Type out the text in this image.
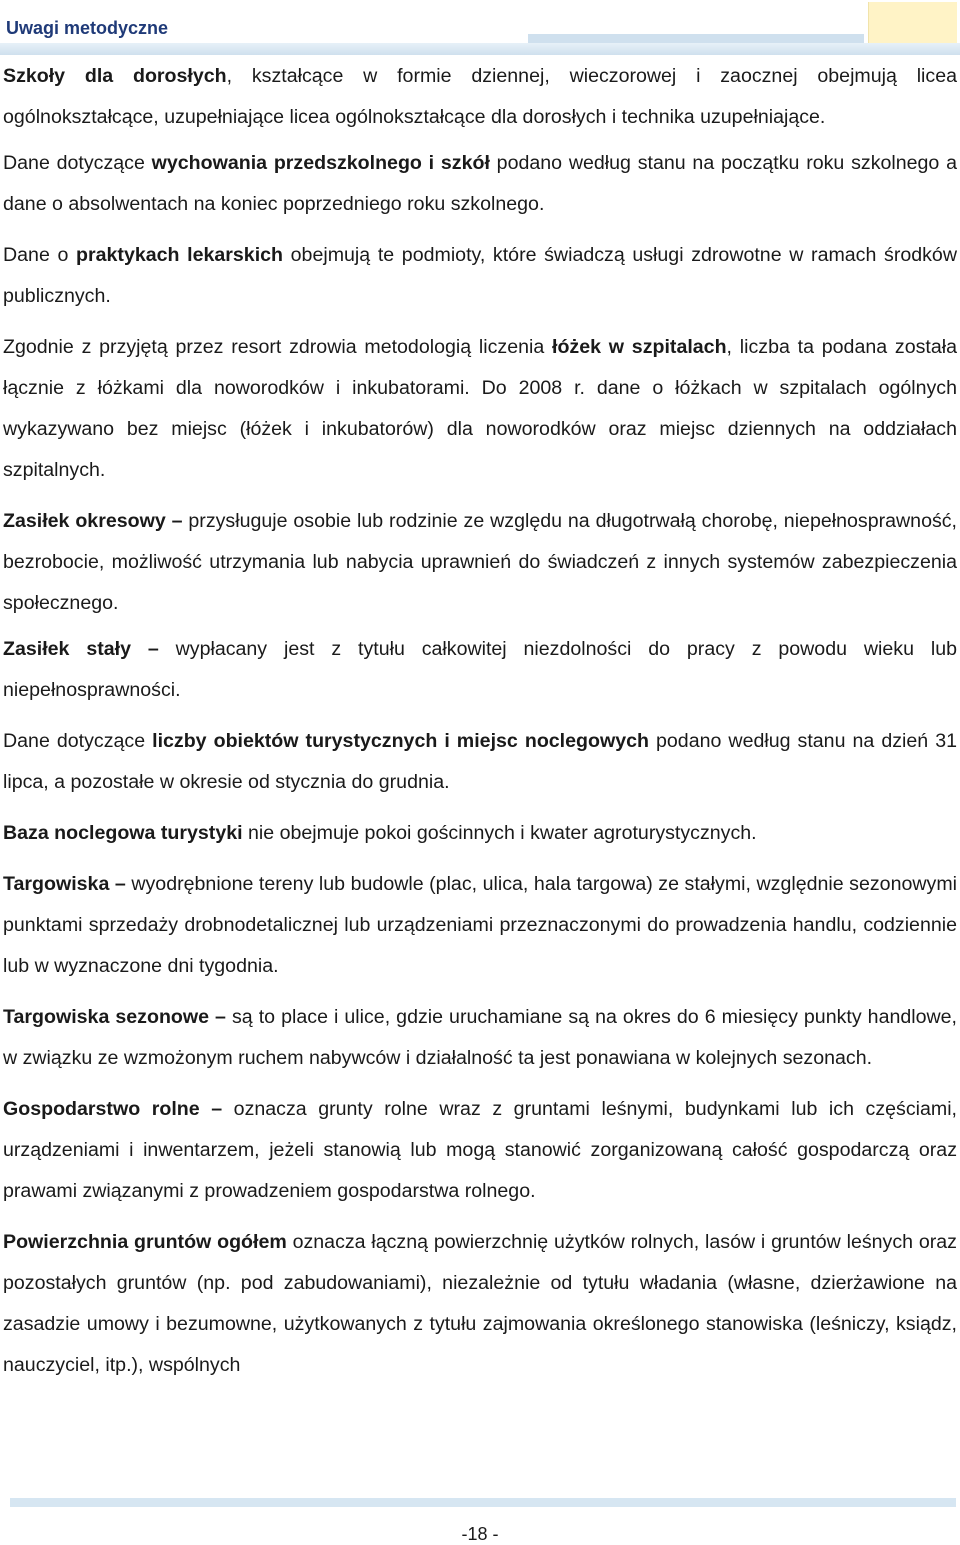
Uwagi metodyczne

Szkoły dla dorosłych, kształcące w formie dziennej, wieczorowej i zaocznej obejmują licea ogólnokształcące, uzupełniające licea ogólnokształcące dla dorosłych i technika uzupełniające.

Dane dotyczące wychowania przedszkolnego i szkół podano według stanu na początku roku szkolnego a dane o absolwentach na koniec poprzedniego roku szkolnego.

Dane o praktykach lekarskich obejmują te podmioty, które świadczą usługi zdrowotne w ramach środków publicznych.

Zgodnie z przyjętą przez resort zdrowia metodologią liczenia łóżek w szpitalach, liczba ta podana została łącznie z łóżkami dla noworodków i inkubatorami. Do 2008 r. dane o łóżkach w szpitalach ogólnych wykazywano bez miejsc (łóżek i inkubatorów) dla noworodków oraz miejsc dziennych na oddziałach szpitalnych.

Zasiłek okresowy – przysługuje osobie lub rodzinie ze względu na długotrwałą chorobę, niepełnosprawność, bezrobocie, możliwość utrzymania lub nabycia uprawnień do świadczeń z innych systemów zabezpieczenia społecznego.

Zasiłek stały – wypłacany jest z tytułu całkowitej niezdolności do pracy z powodu wieku lub niepełnosprawności.

Dane dotyczące liczby obiektów turystycznych i miejsc noclegowych podano według stanu na dzień 31 lipca, a pozostałe w okresie od stycznia do grudnia.

Baza noclegowa turystyki nie obejmuje pokoi gościnnych i kwater agroturystycznych.

Targowiska – wyodrębnione tereny lub budowle (plac, ulica, hala targowa) ze stałymi, względnie sezonowymi punktami sprzedaży drobnodetalicznej lub urządzeniami przeznaczonymi do prowadzenia handlu, codziennie lub w wyznaczone dni tygodnia.

Targowiska sezonowe – są to place i ulice, gdzie uruchamiane są na okres do 6 miesięcy punkty handlowe, w związku ze wzmożonym ruchem nabywców i działalność ta jest ponawiana w kolejnych sezonach.

Gospodarstwo rolne – oznacza grunty rolne wraz z gruntami leśnymi, budynkami lub ich częściami, urządzeniami i inwentarzem, jeżeli stanowią lub mogą stanowić zorganizowaną całość gospodarczą oraz prawami związanymi z prowadzeniem gospodarstwa rolnego.

Powierzchnia gruntów ogółem oznacza łączną powierzchnię użytków rolnych, lasów i gruntów leśnych oraz pozostałych gruntów (np. pod zabudowaniami), niezależnie od tytułu władania (własne, dzierżawione na zasadzie umowy i bezumowne, użytkowanych z tytułu zajmowania określonego stanowiska (leśniczy, ksiądz, nauczyciel, itp.), wspólnych

-18 -
